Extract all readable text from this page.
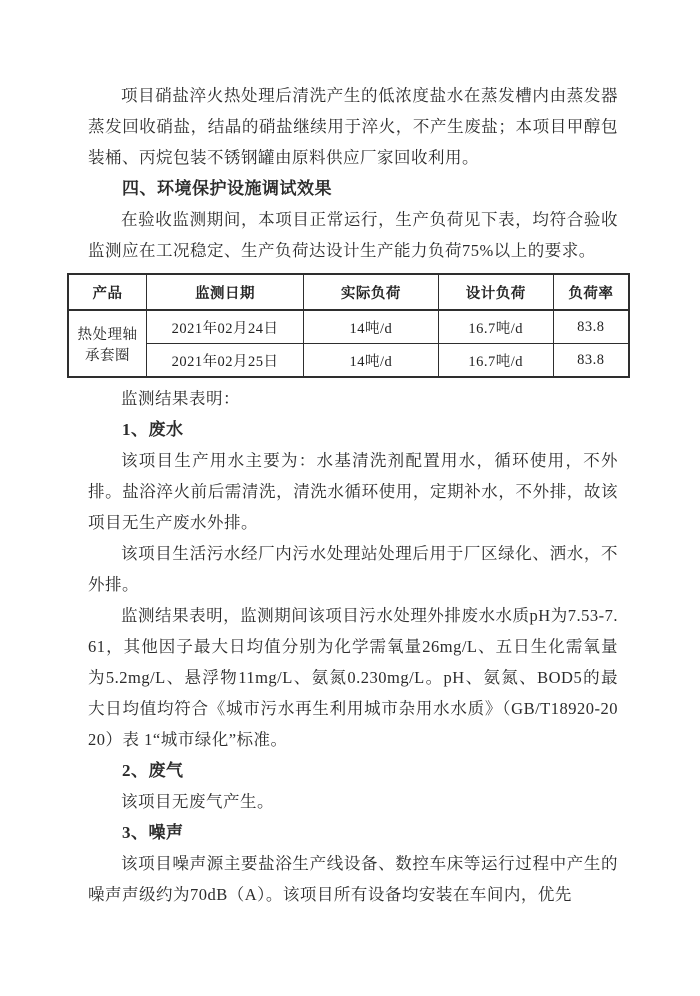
项目硝盐淬火热处理后清洗产生的低浓度盐水在蒸发槽内由蒸发器蒸发回收硝盐，结晶的硝盐继续用于淬火，不产生废盐；本项目甲醇包装桶、丙烷包装不锈钢罐由原料供应厂家回收利用。

四、环境保护设施调试效果

在验收监测期间，本项目正常运行，生产负荷见下表，均符合验收监测应在工况稳定、生产负荷达设计生产能力负荷75%以上的要求。

产品	监测日期	实际负荷	设计负荷	负荷率
热处理轴承套圈	2021年02月24日	14吨/d	16.7吨/d	83.8
	2021年02月25日	14吨/d	16.7吨/d	83.8

监测结果表明：

1、废水

该项目生产用水主要为：水基清洗剂配置用水，循环使用，不外排。盐浴淬火前后需清洗，清洗水循环使用，定期补水，不外排，故该项目无生产废水外排。

该项目生活污水经厂内污水处理站处理后用于厂区绿化、洒水，不外排。

监测结果表明，监测期间该项目污水处理外排废水水质pH为7.53-7.61，其他因子最大日均值分别为化学需氧量26mg/L、五日生化需氧量为5.2mg/L、悬浮物11mg/L、氨氮0.230mg/L。pH、氨氮、BOD5的最大日均值均符合《城市污水再生利用城市杂用水水质》（GB/T18920-2020）表 1“城市绿化”标准。

2、废气

该项目无废气产生。

3、噪声

该项目噪声源主要盐浴生产线设备、数控车床等运行过程中产生的噪声声级约为70dB（A）。该项目所有设备均安装在车间内，优先
